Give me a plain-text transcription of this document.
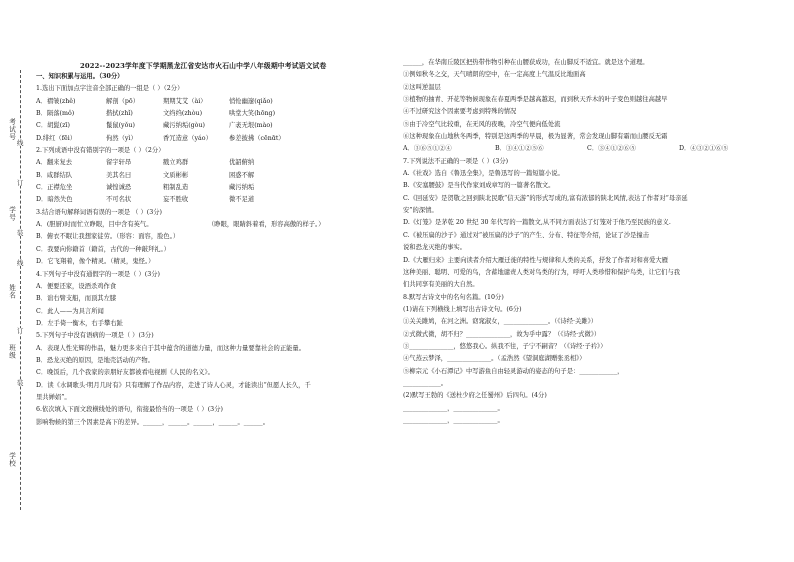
考试号
学号
姓名
班级
学校
线
订
装
线
订
装
2022--2023学年度下学期黑龙江省安达市火石山中学八年级期中考试语文试卷
一、知识积累与运用。（30分）
1.选出下面加点字注音全部正确的一组是（ ）（2分）
A．褶皱(zhě)	解剖（pō）	期期艾艾（ài）	悄怆幽邃(qiǎo)
B．陨落(mǒ)	揩拭(zhǐ)	文绉绉(zhòu)	哄堂大笑(hōng)
C．胡髭(zī)	鬣鼠(yǒu)	藏污纳垢(gòu)	广袤无垠(mào)
D.绯红（fēi）	佝然（yì）	香冗造意（yáo）	参差披拂（cēnɑ̄t）
2.下列成语中没有错别字的一项是（ ）（2分）
A．翻来复去	留宇轩昂	戳立鸡群	优韶俯纳
B．咸群结队	美其名曰	文质彬彬	困惑不解
C．正襟危坐	诚惶诚恐	粗制乱造	藏污纳垢
D．暗然失色	不可名状	妄不胜收	微不足道
3.结合语句解释词语有误的一项是 （ ）(3分)
A．(胆厨)时而忙立睁眼，目中含有英气。	（睁眼，眼睛斜着看，形容高傲的样子。）
B．俯衣不眠让我想家徒劳。（形容：面容，脸色。）
C．我要向你籍首（籍首，古代的一种敲拜礼。）
D．它飞翔着，像个精灵。（精灵，鬼怪。）
4.下列句子中没有通假字的一项是（ ）(3分)
A．便要还家，设酒杀鸡作食
B．诎右臂支船，而顶其左膝
C．此人——为具言所闻
D．左手倚一衡木，右手攀右趾
5.下列句子中没有语病的一项是（ ）(3分)
A．表现人性光辉的作品，魅力更多来自于其中蕴含的道德力量，而这种力量要靠社会的正能量。
B．恐龙灭绝的原因，是地壳活动的产物。
C．晚饭后，几个我家的亲朋好友都被看电视剧《人民的名义》。
D．读《水调歌头·明月几时有》只有理解了作品内容，走进了诗人心灵，才能读出“但愿人长久，千
里共婵娟”。
6.依次填入下面文段横线处的语句，衔接最恰当的一项是（ ）(3分)
影响物候的第三个因素是高下的差异。______，______。______，______。______。
______，在华南丘陵区把热带作物引种在山腰获成功，在山脚反不适宜。就是这个道理。
①例如秋冬之交，天气晴朗的空中，在一定高度上气温反比地面高
②这叫逆温层
③植物的抽青、开花等物候现象在春夏两季是越高越迟，而到秋天乔木的叶子变色则越往高越早
④不过研究这个因素要考虑到特殊的情况
⑤由于冷空气比较重，在无风的夜晚，冷空气便向低处流
⑥这种现象在山地秋冬两季，特别是这两季的早晨，极为显著，常会发现山脚有霜而山腰反无霜
A．③⑥⑤①②④	B．③④①②⑤⑥	C．③④①②⑥⑤	D．④③②①⑥⑤
7.下列说法不正确的一项是（ ）(3分)
A.《社戏》选自《鲁迅全集》，是鲁迅写的一篇短篇小说。
B.《安塞腰鼓》是当代作家刘成章写的一篇著名散文。
C.《回延安》是贺敬之回到陕北民歌“信天游”的形式写成的,富有浓郁的陕北风情,表达了作者对“母亲延
安”的深情。
D.《灯笼》是茅乾 20 世纪 30 年代写的一篇散文,从不同方面表达了灯笼对于他乃至民族的意义.
C.《被压扁的沙子》通过对“被压扁的沙子”的产生、分布、特征等介绍，论证了沙是撞击
说和恐龙灭绝的事实。
D.《大雁归来》主要向读者介绍大雁迁徙的特性与规律和人类的关系，抒发了作者对和喜爱大雁
这种美丽、聪明、可爱的鸟，含蓄地谴责人类对鸟类的行为，呼吁人类珍惜和保护鸟类，让它们与我
们共同享有美丽的大自然。
8.默写古诗文中的名句名篇。(10分)
(1)请在下列横线上填写出古诗文句。(6分)
①关关雎鸠，在河之洲。窈窕淑女，______________。（《诗经·关雎》）
②式微式微，胡不归？______________，故为乎中露？（《诗经·式微》）
③______________，悠悠我心。纵我不往，子宁不嗣音？（《诗经·子衿》）
④气蒸云梦泽，______________。（孟浩然《望洞庭湖赠张丞相》）
⑤柳宗元《小石潭记》中写游鱼自由轻灵游动的姿态的句子是：____________，
____________。
(2)默写王勃的《送杜少府之任蜀州》后四句。(4分)
______________，______________。
______________，______________。
